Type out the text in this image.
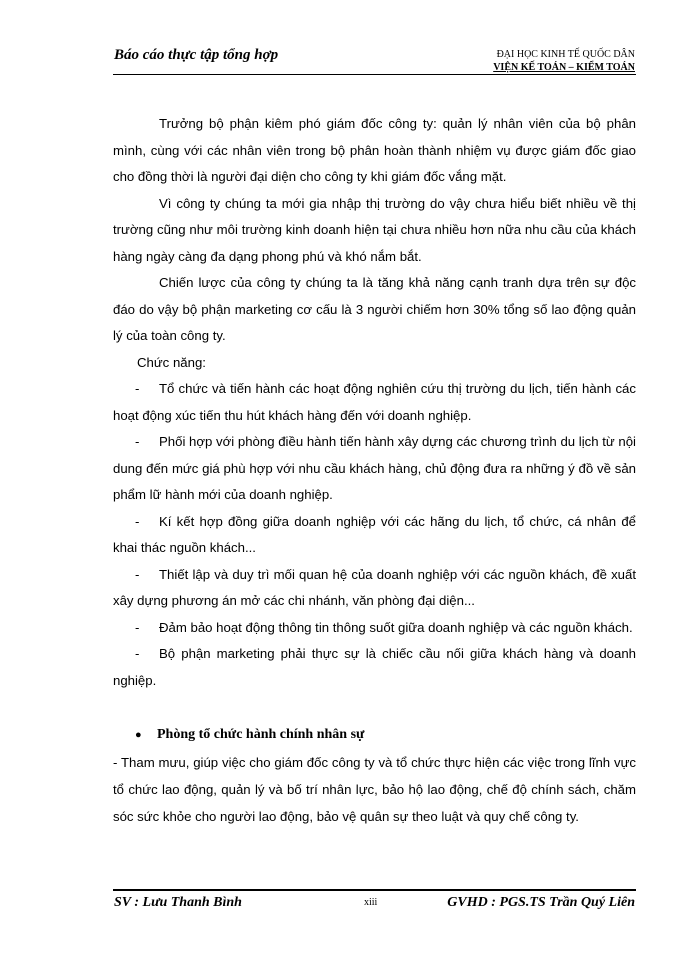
Báo cáo thực tập tổng hợp	ĐẠI HỌC KINH TẾ QUỐC DÂN
VIỆN KẾ TOÁN – KIỂM TOÁN

Trưởng bộ phận kiêm phó giám đốc công ty: quản lý nhân viên của bộ phân mình, cùng với các nhân viên trong bộ phân hoàn thành nhiệm vụ được giám đốc giao cho đồng thời là người đại diện cho công ty khi giám đốc vắng mặt.

Vì công ty chúng ta mới gia nhập thị trường do vậy chưa hiểu biết nhiều về thị trường cũng như môi trường kinh doanh hiện tại chưa nhiều hơn nữa nhu cầu của khách hàng ngày càng đa dạng phong phú và khó nắm bắt.

Chiến lược của công ty chúng ta là tăng khả năng cạnh tranh dựa trên sự độc đáo do vậy bộ phận marketing cơ cấu là 3 người chiếm hơn 30% tổng số lao động quản lý của toàn công ty.

Chức năng:

- Tổ chức và tiến hành các hoạt động nghiên cứu thị trường du lịch, tiến hành các hoạt động xúc tiến thu hút khách hàng đến với doanh nghiệp.

- Phối hợp với phòng điều hành tiến hành xây dựng các chương trình du lịch từ nội dung đến mức giá phù hợp với nhu cầu khách hàng, chủ động đưa ra những ý đồ về sản phẩm lữ hành mới của doanh nghiệp.

- Kí kết hợp đồng giữa doanh nghiệp với các hãng du lịch, tổ chức, cá nhân để khai thác nguồn khách...

- Thiết lập và duy trì mối quan hệ của doanh nghiệp với các nguồn khách, đề xuất xây dựng phương án mở các chi nhánh, văn phòng đại diện...

- Đảm bảo hoạt động thông tin thông suốt giữa doanh nghiệp và các nguồn khách.

- Bộ phận marketing phải thực sự là chiếc cầu nối giữa khách hàng và doanh nghiệp.

● Phòng tổ chức hành chính nhân sự

- Tham mưu, giúp việc cho giám đốc công ty và tổ chức thực hiện các việc trong lĩnh vực tổ chức lao động, quản lý và bố trí nhân lực, bảo hộ lao động, chế độ chính sách, chăm sóc sức khỏe cho người lao động, bảo vệ quân sự theo luật và quy chế công ty.

SV : Lưu Thanh Bình	xiii	GVHD : PGS.TS Trần Quý Liên
